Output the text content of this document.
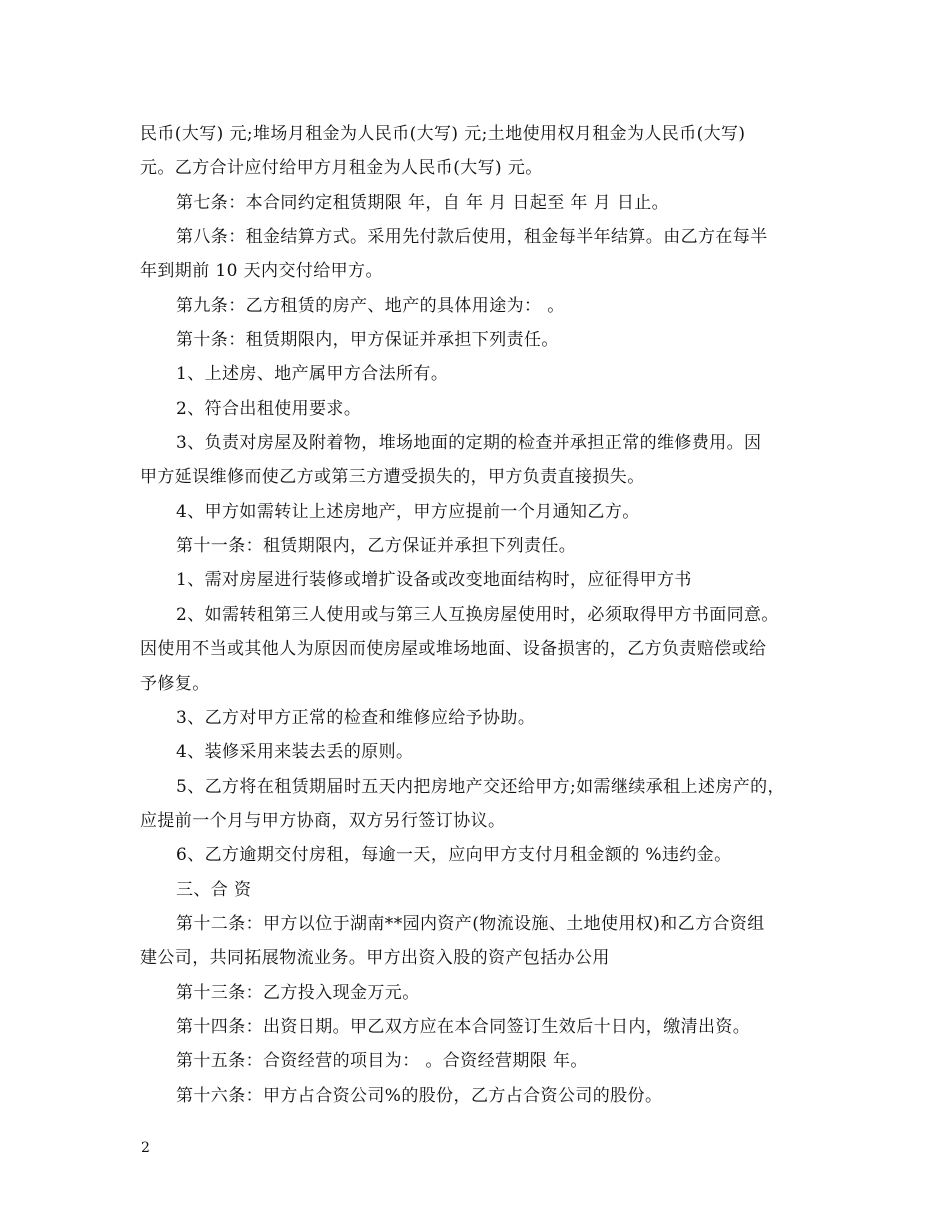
民币(大写) 元;堆场月租金为人民币(大写) 元;土地使用权月租金为人民币(大写)
元。乙方合计应付给甲方月租金为人民币(大写) 元。
第七条：本合同约定租赁期限 年，自 年 月 日起至 年 月 日止。
第八条：租金结算方式。采用先付款后使用，租金每半年结算。由乙方在每半
年到期前 10 天内交付给甲方。
第九条：乙方租赁的房产、地产的具体用途为： 。
第十条：租赁期限内，甲方保证并承担下列责任。
1、上述房、地产属甲方合法所有。
2、符合出租使用要求。
3、负责对房屋及附着物，堆场地面的定期的检查并承担正常的维修费用。因
甲方延误维修而使乙方或第三方遭受损失的，甲方负责直接损失。
4、甲方如需转让上述房地产，甲方应提前一个月通知乙方。
第十一条：租赁期限内，乙方保证并承担下列责任。
1、需对房屋进行装修或增扩设备或改变地面结构时，应征得甲方书
2、如需转租第三人使用或与第三人互换房屋使用时，必须取得甲方书面同意。
因使用不当或其他人为原因而使房屋或堆场地面、设备损害的，乙方负责赔偿或给
予修复。
3、乙方对甲方正常的检查和维修应给予协助。
4、装修采用来装去丢的原则。
5、乙方将在租赁期届时五天内把房地产交还给甲方;如需继续承租上述房产的，
应提前一个月与甲方协商，双方另行签订协议。
6、乙方逾期交付房租，每逾一天，应向甲方支付月租金额的 %违约金。
三、合 资
第十二条：甲方以位于湖南**园内资产(物流设施、土地使用权)和乙方合资组
建公司，共同拓展物流业务。甲方出资入股的资产包括办公用
第十三条：乙方投入现金万元。
第十四条：出资日期。甲乙双方应在本合同签订生效后十日内，缴清出资。
第十五条：合资经营的项目为： 。合资经营期限 年。
第十六条：甲方占合资公司%的股份，乙方占合资公司的股份。
2
